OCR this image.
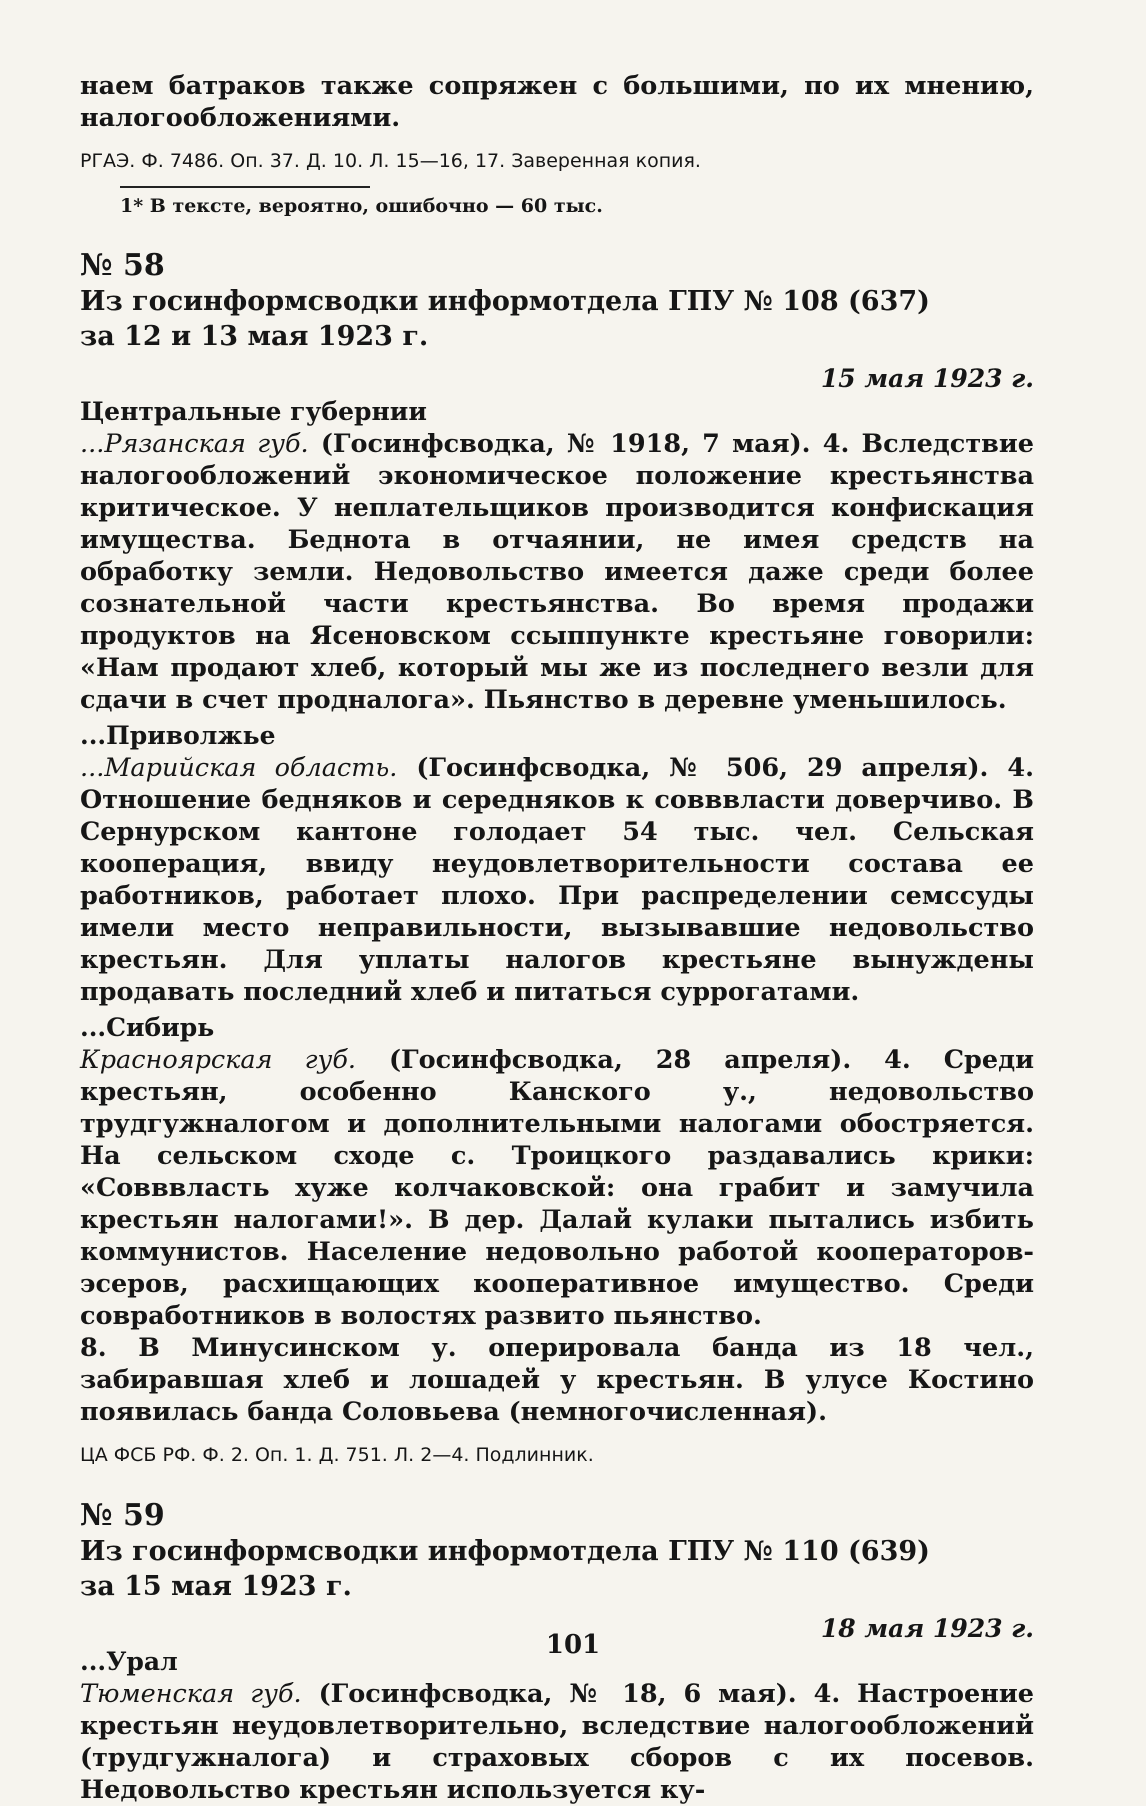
наем батраков также сопряжен с большими, по их мнению, налогообложениями.

РГАЭ. Ф. 7486. Оп. 37. Д. 10. Л. 15—16, 17. Заверенная копия.

1* В тексте, вероятно, ошибочно — 60 тыс.

№ 58

Из госинформсводки информотдела ГПУ № 108 (637)

за 12 и 13 мая 1923 г.

15 мая 1923 г.

Центральные губернии

...Рязанская губ. (Госинфсводка, № 1918, 7 мая). 4. Вследствие налогообложений экономическое положение крестьянства критическое. У неплательщиков производится конфискация имущества. Беднота в отчаянии, не имея средств на обработку земли. Недовольство имеется даже среди более сознательной части крестьянства. Во время продажи продуктов на Ясеновском ссыппункте крестьяне говорили: «Нам продают хлеб, который мы же из последнего везли для сдачи в счет продналога». Пьянство в деревне уменьшилось.

...Приволжье

...Марийская область. (Госинфсводка, № 506, 29 апреля). 4. Отношение бедняков и середняков к совввласти доверчиво. В Сернурском кантоне голодает 54 тыс. чел. Сельская кооперация, ввиду неудовлетворительности состава ее работников, работает плохо. При распределении семссуды имели место неправильности, вызывавшие недовольство крестьян. Для уплаты налогов крестьяне вынуждены продавать последний хлеб и питаться суррогатами.

...Сибирь

Красноярская губ. (Госинфсводка, 28 апреля). 4. Среди крестьян, особенно Канского у., недовольство трудгужналогом и дополнительными налогами обостряется. На сельском сходе с. Троицкого раздавались крики: «Совввласть хуже колчаковской: она грабит и замучила крестьян налогами!». В дер. Далай кулаки пытались избить коммунистов. Население недовольно работой кооператоров-эсеров, расхищающих кооперативное имущество. Среди совработников в волостях развито пьянство.

8. В Минусинском у. оперировала банда из 18 чел., забиравшая хлеб и лошадей у крестьян. В улусе Костино появилась банда Соловьева (немногочисленная).

ЦА ФСБ РФ. Ф. 2. Оп. 1. Д. 751. Л. 2—4. Подлинник.

№ 59

Из госинформсводки информотдела ГПУ № 110 (639)

за 15 мая 1923 г.

18 мая 1923 г.

...Урал

Тюменская губ. (Госинфсводка, № 18, 6 мая). 4. Настроение крестьян неудовлетворительно, вследствие налогообложений (трудгужналога) и страховых сборов с их посевов. Недовольство крестьян используется ку-

101
